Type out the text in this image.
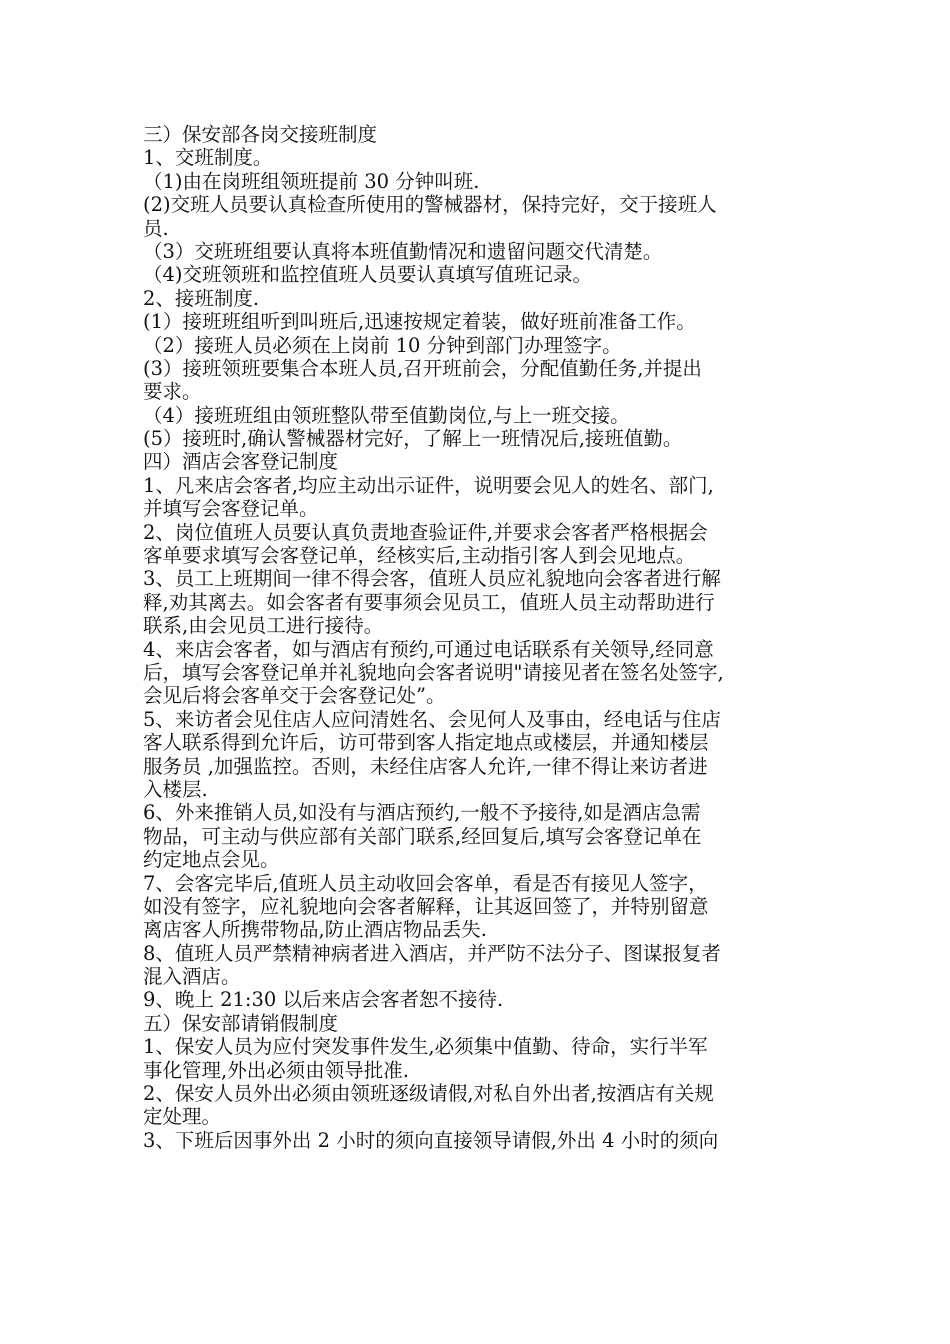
三）保安部各岗交接班制度
1、交班制度。
（1)由在岗班组领班提前 30 分钟叫班.
(2)交班人员要认真检查所使用的警械器材，保持完好，交于接班人
员.
（3）交班班组要认真将本班值勤情况和遗留问题交代清楚。
（4)交班领班和监控值班人员要认真填写值班记录。
2、接班制度.
(1）接班班组听到叫班后,迅速按规定着装，做好班前准备工作。
（2）接班人员必须在上岗前 10 分钟到部门办理签字。
(3）接班领班要集合本班人员,召开班前会，分配值勤任务,并提出
要求。
（4）接班班组由领班整队带至值勤岗位,与上一班交接。
(5）接班时,确认警械器材完好，了解上一班情况后,接班值勤。
四）酒店会客登记制度
1、凡来店会客者,均应主动出示证件，说明要会见人的姓名、部门,
并填写会客登记单。
2、岗位值班人员要认真负责地查验证件,并要求会客者严格根据会
客单要求填写会客登记单，经核实后,主动指引客人到会见地点。
3、员工上班期间一律不得会客，值班人员应礼貌地向会客者进行解
释,劝其离去。如会客者有要事须会见员工，值班人员主动帮助进行
联系,由会见员工进行接待。
4、来店会客者，如与酒店有预约,可通过电话联系有关领导,经同意
后，填写会客登记单并礼貌地向会客者说明"请接见者在签名处签字,
会见后将会客单交于会客登记处”。
5、来访者会见住店人应问清姓名、会见何人及事由，经电话与住店
客人联系得到允许后，访可带到客人指定地点或楼层，并通知楼层
服务员 ,加强监控。否则，未经住店客人允许,一律不得让来访者进
入楼层.
6、外来推销人员,如没有与酒店预约,一般不予接待,如是酒店急需
物品，可主动与供应部有关部门联系,经回复后,填写会客登记单在
约定地点会见。
7、会客完毕后,值班人员主动收回会客单，看是否有接见人签字，
如没有签字，应礼貌地向会客者解释，让其返回签了，并特别留意
离店客人所携带物品,防止酒店物品丢失.
8、值班人员严禁精神病者进入酒店，并严防不法分子、图谋报复者
混入酒店。
9、晚上 21:30 以后来店会客者恕不接待.
五）保安部请销假制度
1、保安人员为应付突发事件发生,必须集中值勤、待命，实行半军
事化管理,外出必须由领导批准.
2、保安人员外出必须由领班逐级请假,对私自外出者,按酒店有关规
定处理。
3、下班后因事外出 2 小时的须向直接领导请假,外出 4 小时的须向
